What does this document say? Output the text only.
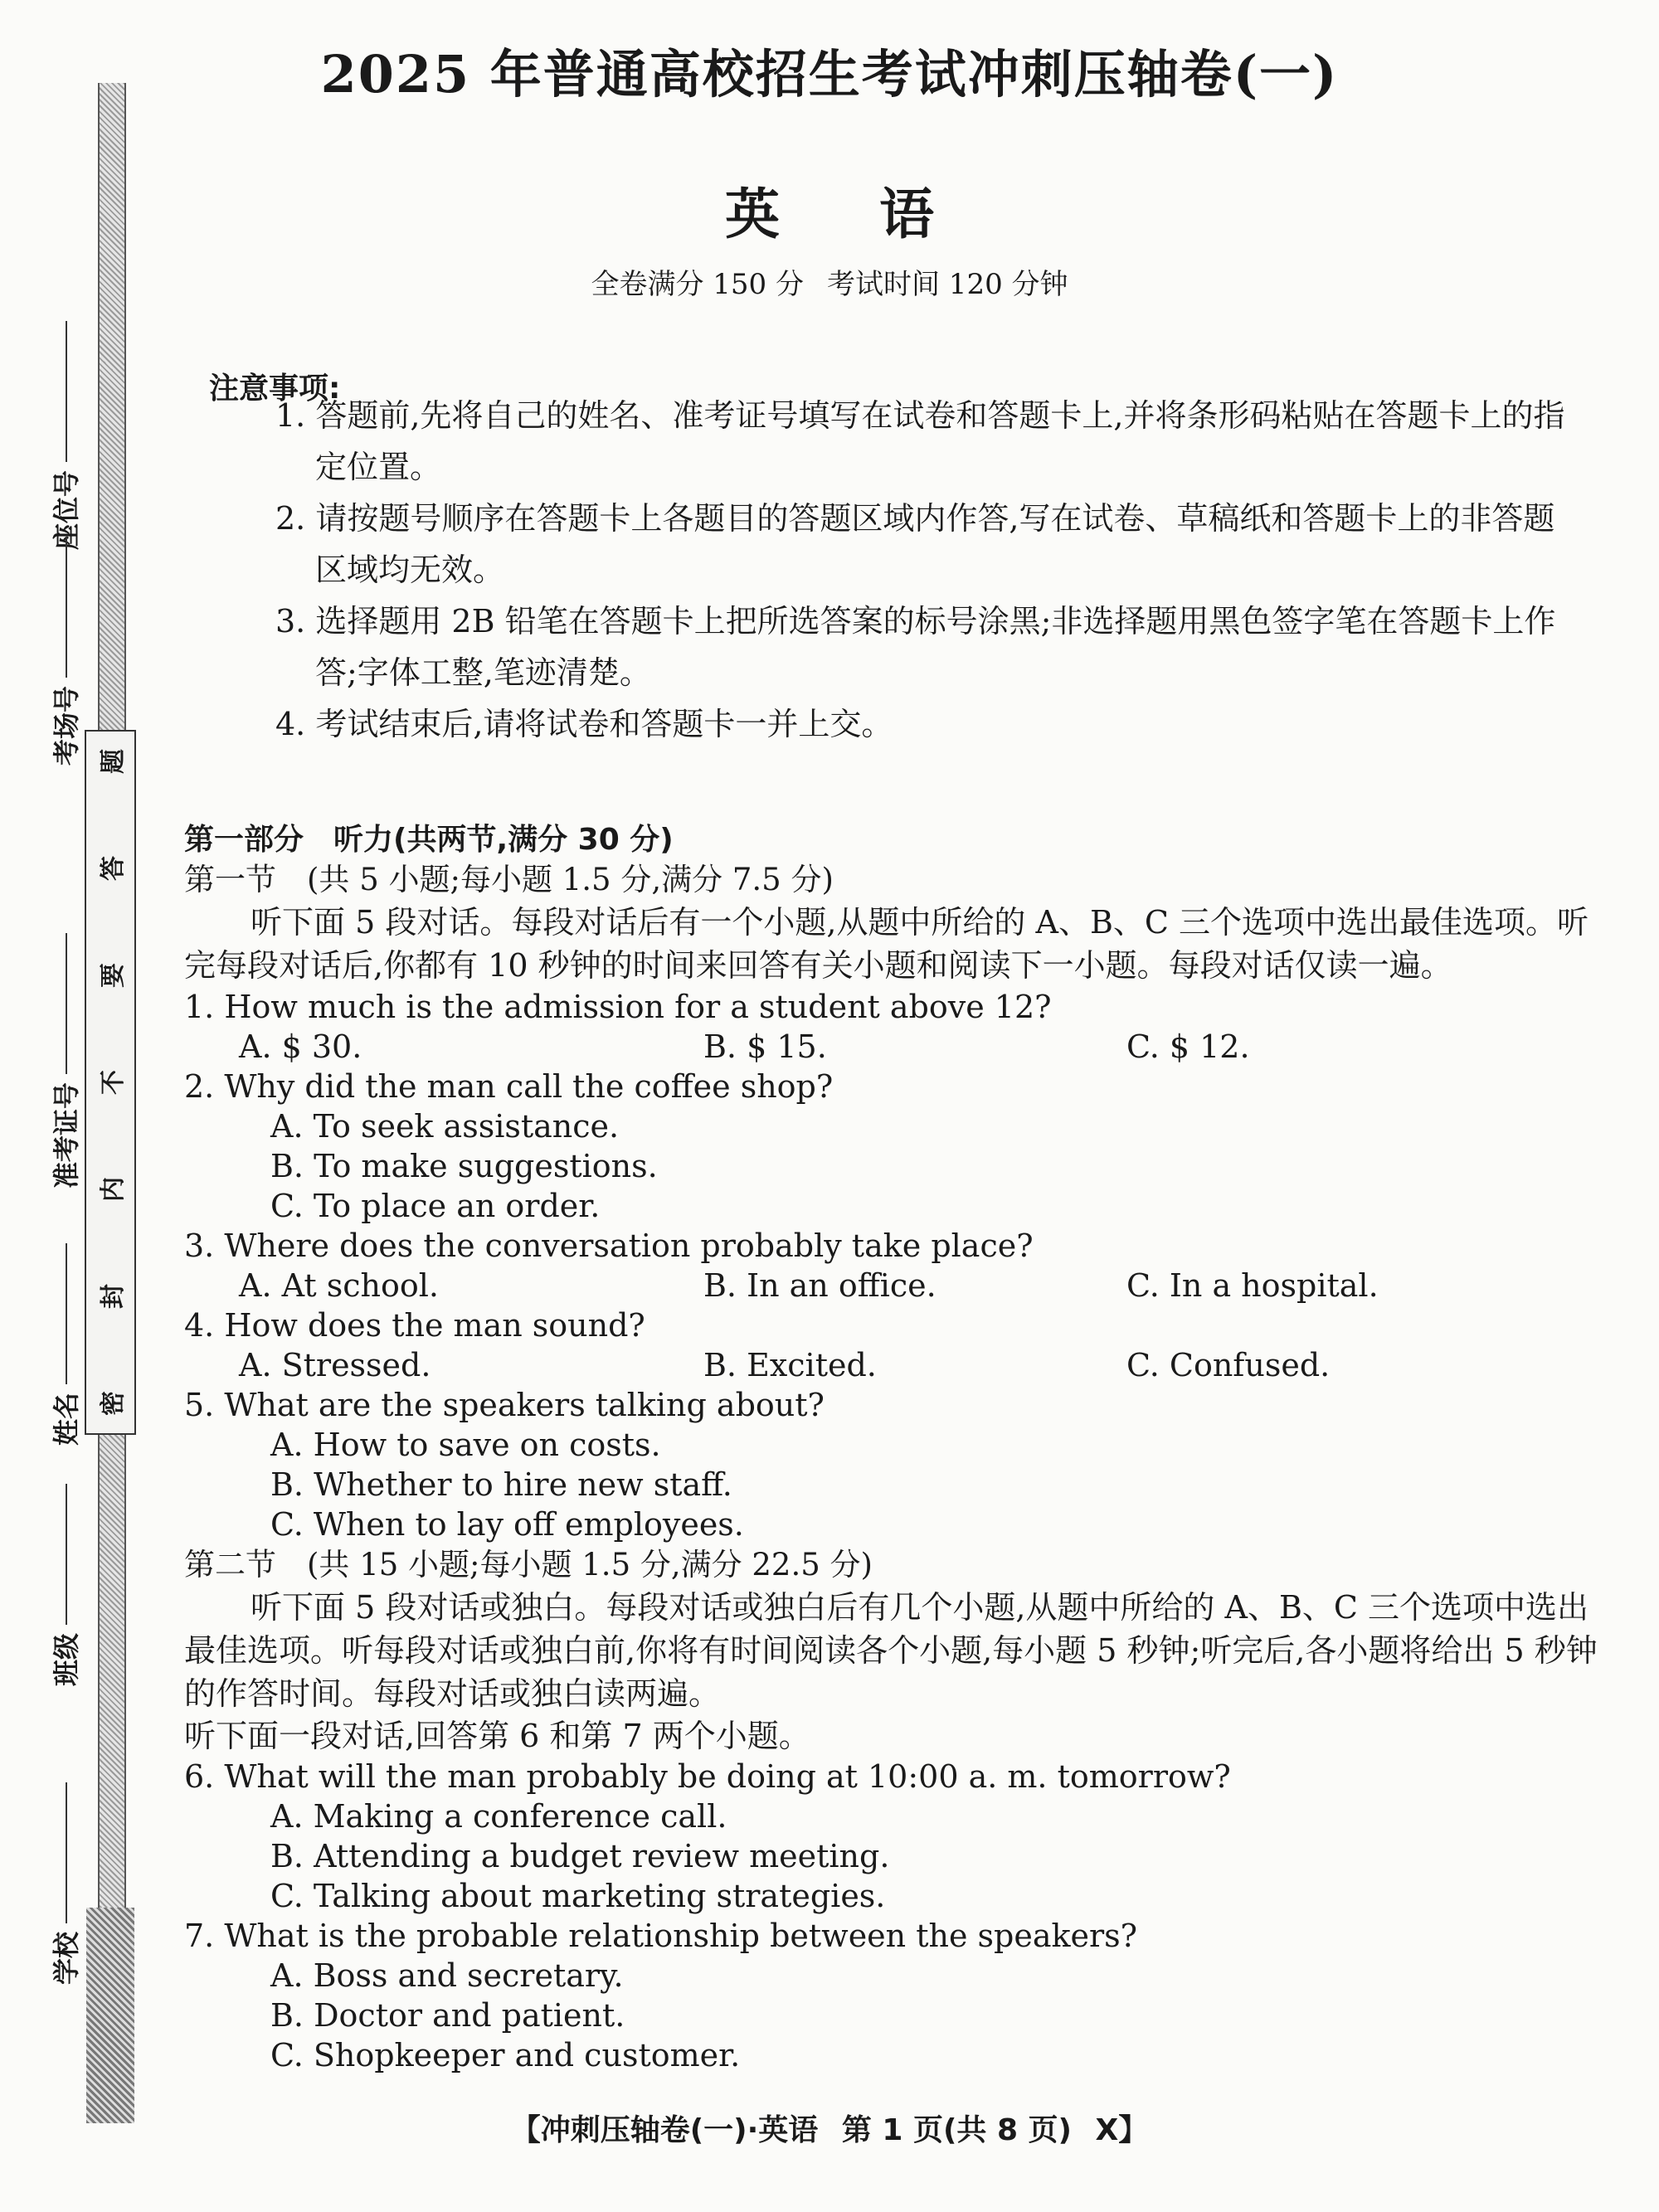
题
答
要
不
内
封
密
座位号
考场号
准考证号
姓名
班级
学校
2025 年普通高校招生考试冲刺压轴卷(一)
英 语
全卷满分 150 分 考试时间 120 分钟
注意事项:

1. 答题前,先将自己的姓名、准考证号填写在试卷和答题卡上,并将条形码粘贴在答题卡上的指定位置。

2. 请按题号顺序在答题卡上各题目的答题区域内作答,写在试卷、草稿纸和答题卡上的非答题区域均无效。

3. 选择题用 2B 铅笔在答题卡上把所选答案的标号涂黑;非选择题用黑色签字笔在答题卡上作答;字体工整,笔迹清楚。

4. 考试结束后,请将试卷和答题卡一并上交。

第一部分　听力(共两节,满分 30 分)

第一节　(共 5 小题;每小题 1.5 分,满分 7.5 分)

听下面 5 段对话。每段对话后有一个小题,从题中所给的 A、B、C 三个选项中选出最佳选项。听完每段对话后,你都有 10 秒钟的时间来回答有关小题和阅读下一小题。每段对话仅读一遍。

1. How much is the admission for a student above 12?

A. $ 30.	B. $ 15.	C. $ 12.

2. Why did the man call the coffee shop?

A. To seek assistance.
B. To make suggestions.
C. To place an order.

3. Where does the conversation probably take place?

A. At school.	B. In an office.	C. In a hospital.

4. How does the man sound?

A. Stressed.	B. Excited.	C. Confused.

5. What are the speakers talking about?

A. How to save on costs.
B. Whether to hire new staff.
C. When to lay off employees.

第二节　(共 15 小题;每小题 1.5 分,满分 22.5 分)

听下面 5 段对话或独白。每段对话或独白后有几个小题,从题中所给的 A、B、C 三个选项中选出最佳选项。听每段对话或独白前,你将有时间阅读各个小题,每小题 5 秒钟;听完后,各小题将给出 5 秒钟的作答时间。每段对话或独白读两遍。

听下面一段对话,回答第 6 和第 7 两个小题。

6. What will the man probably be doing at 10:00 a. m. tomorrow?

A. Making a conference call.
B. Attending a budget review meeting.
C. Talking about marketing strategies.

7. What is the probable relationship between the speakers?

A. Boss and secretary.
B. Doctor and patient.
C. Shopkeeper and customer.
【冲刺压轴卷(一)·英语 第 1 页(共 8 页) X】
